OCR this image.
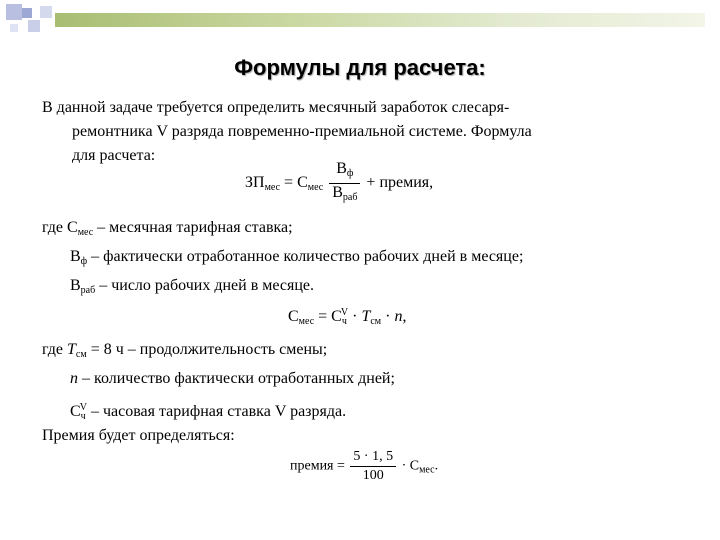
Формулы для расчета:
В данной задаче требуется определить месячный заработок слесаря-
ремонтника V разряда повременно-премиальной системе. Формула
для расчета:
$ЗП_{мес} = С_{мес} \frac{В_ф}{В_{раб}}$ + премия,
где $С_{мес}$ – месячная тарифная ставка;
$В_ф$ – фактически отработанное количество рабочих дней в месяце;
$В_{раб}$ – число рабочих дней в месяце.
$С_{мес} = С_ч^V \cdot T_{см} \cdot n$,
где $T_{см} = 8$ ч – продолжительность смены;
n – количество фактически отработанных дней;
$С_ч^V$ – часовая тарифная ставка V разряда.
Премия будет определяться:
премия = $\frac{5 \cdot 1, 5}{100} \cdot С_{мес}$.
